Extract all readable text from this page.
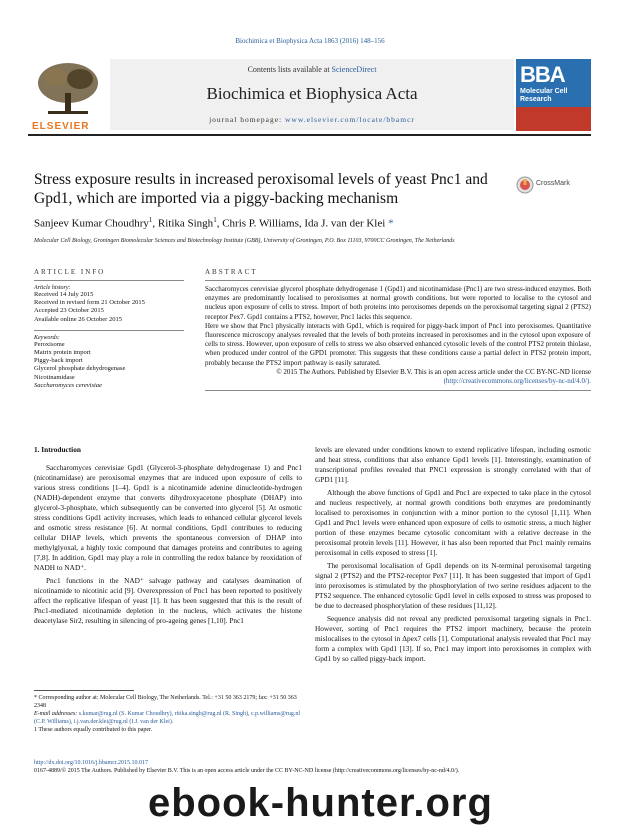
Biochimica et Biophysica Acta 1863 (2016) 148–156
ELSEVIER
Contents lists available at ScienceDirect
Biochimica et Biophysica Acta
journal homepage: www.elsevier.com/locate/bbamcr
BBA
Molecular Cell Research
Stress exposure results in increased peroxisomal levels of yeast Pnc1 and Gpd1, which are imported via a piggy-backing mechanism
CrossMark
Sanjeev Kumar Choudhry$^1$, Ritika Singh$^1$, Chris P. Williams, Ida J. van der Klei *
Molecular Cell Biology, Groningen Biomolecular Sciences and Biotechnology Institute (GBB), University of Groningen, P.O. Box 11103, 9700CC Groningen, The Netherlands
ARTICLE INFO
Article history:
Received 14 July 2015
Received in revised form 21 October 2015
Accepted 23 October 2015
Available online 26 October 2015
Keywords:
Peroxisome
Matrix protein import
Piggy-back import
Glycerol phosphate dehydrogenase
Nicotinamidase
Saccharomyces cerevisiae
ABSTRACT
Saccharomyces cerevisiae glycerol phosphate dehydrogenase 1 (Gpd1) and nicotinamidase (Pnc1) are two stress-induced enzymes. Both enzymes are predominantly localised to peroxisomes at normal growth conditions, but were reported to localise to the cytosol and nucleus upon exposure of cells to stress. Import of both proteins into peroxisomes depends on the peroxisomal targeting signal 2 (PTS2) receptor Pex7. Gpd1 contains a PTS2, however, Pnc1 lacks this sequence.
Here we show that Pnc1 physically interacts with Gpd1, which is required for piggy-back import of Pnc1 into peroxisomes. Quantitative fluorescence microscopy analyses revealed that the levels of both proteins increased in peroxisomes and in the cytosol upon exposure of cells to stress. However, upon exposure of cells to stress we also observed enhanced cytosolic levels of the control PTS2 protein thiolase, when produced under control of the GPD1 promoter. This suggests that these conditions cause a partial defect in PTS2 protein import, probably because the PTS2 import pathway is easily saturated.
© 2015 The Authors. Published by Elsevier B.V. This is an open access article under the CC BY-NC-ND license
(http://creativecommons.org/licenses/by-nc-nd/4.0/).
1. Introduction

Saccharomyces cerevisiae Gpd1 (Glycerol-3-phosphate dehydrogenase 1) and Pnc1 (nicotinamidase) are peroxisomal enzymes that are induced upon exposure of cells to various stress conditions [1–4]. Gpd1 is a nicotinamide adenine dinucleotide-hydrogen (NADH)-dependent enzyme that converts dihydroxyacetone phosphate (DHAP) into glycerol-3-phosphate, which subsequently can be converted into glycerol [5]. At osmotic stress conditions Gpd1 activity increases, which leads to enhanced cellular glycerol levels and osmotic stress resistance [6]. At normal conditions, Gpd1 contributes to reducing cellular DHAP levels, which prevents the spontaneous conversion of DHAP into methylglyoxal, a highly toxic compound that damages proteins and contributes to ageing [7,8]. In addition, Gpd1 may play a role in controlling the redox balance by reoxidation of NADH to NAD⁺.

Pnc1 functions in the NAD⁺ salvage pathway and catalyses deamination of nicotinamide to nicotinic acid [9]. Overexpression of Pnc1 has been reported to positively affect the replicative lifespan of yeast [1]. It has been suggested that this is the result of Pnc1-mediated nicotinamide depletion in the nucleus, which activates the histone deacetylase Sir2, resulting in silencing of pro-ageing genes [1,10]. Pnc1

levels are elevated under conditions known to extend replicative lifespan, including osmotic and heat stress, conditions that also enhance Gpd1 levels [1]. Interestingly, examination of transcriptional profiles revealed that PNC1 expression is strongly correlated with that of GPD1 [11].

Although the above functions of Gpd1 and Pnc1 are expected to take place in the cytosol and nucleus respectively, at normal growth conditions both enzymes are predominantly localised to peroxisomes in conjunction with a minor portion to the cytosol [1,11]. When Gpd1 and Pnc1 levels were enhanced upon exposure of cells to osmotic stress, a much higher portion of these enzymes became cytosolic concomitant with a relative decrease in the peroxisomal protein levels [11]. However, it has also been reported that Pnc1 mainly remains peroxisomal in cells exposed to stress [1].

The peroxisomal localisation of Gpd1 depends on its N-terminal peroxisomal targeting signal 2 (PTS2) and the PTS2-receptor Pex7 [11]. It has been suggested that import of Gpd1 into peroxisomes is stimulated by the phosphorylation of two serine residues adjacent to the PTS2 sequence. The enhanced cytosolic Gpd1 level in cells exposed to stress was proposed to be due to decreased phosphorylation of these residues [11,12].

Sequence analysis did not reveal any predicted peroxisomal targeting signals in Pnc1. However, sorting of Pnc1 requires the PTS2 import machinery, because the protein mislocalises to the cytosol in Δpex7 cells [1]. Computational analysis revealed that Pnc1 may form a complex with Gpd1 [13]. If so, Pnc1 may import into peroxisomes in complex with Gpd1 by so called piggy-back import.

* Corresponding author at: Molecular Cell Biology, The Netherlands. Tel.: +31 50 363 2179; fax: +31 50 363 2348
E-mail addresses: s.kumar@rug.nl (S. Kumar Choudhry), ritika.singh@rug.nl (R. Singh), c.p.williams@rug.nl (C.P. Williams), i.j.van.der.klei@rug.nl (I.J. van der Klei).
1 These authors equally contributed to this paper.
http://dx.doi.org/10.1016/j.bbamcr.2015.10.017
0167-4889/© 2015 The Authors. Published by Elsevier B.V. This is an open access article under the CC BY-NC-ND license (http://creativecommons.org/licenses/by-nc-nd/4.0/).
ebook-hunter.org
